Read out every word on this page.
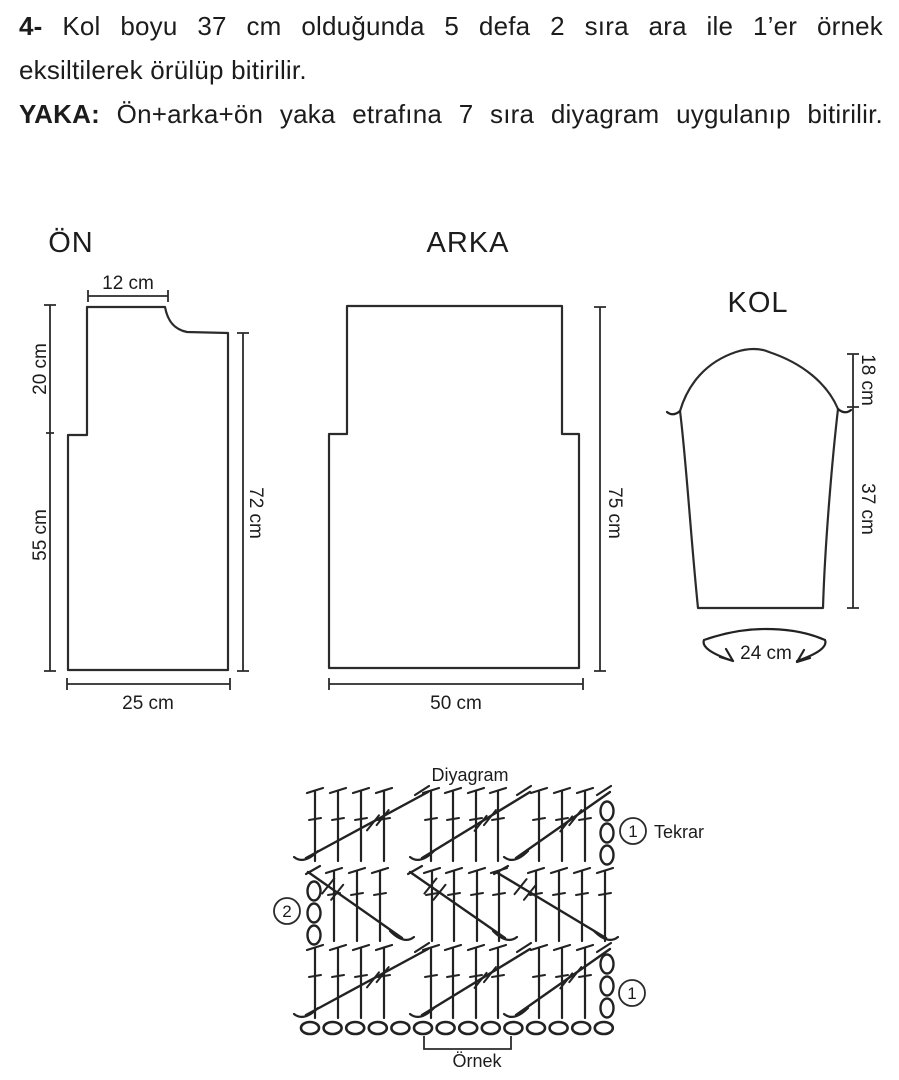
4- Kol boyu 37 cm olduğunda 5 defa 2 sıra ara ile 1’er örnek
eksiltilerek örülüp bitirilir.
YAKA: Ön+arka+ön yaka etrafına 7 sıra diyagram uygulanıp bitirilir.
ÖN
12 cm
20 cm
55 cm	72 cm
25 cm
ARKA
75 cm
50 cm
KOL
18 cm
37 cm
24 cm
Diyagram
1 Tekrar
2
1
Örnek
